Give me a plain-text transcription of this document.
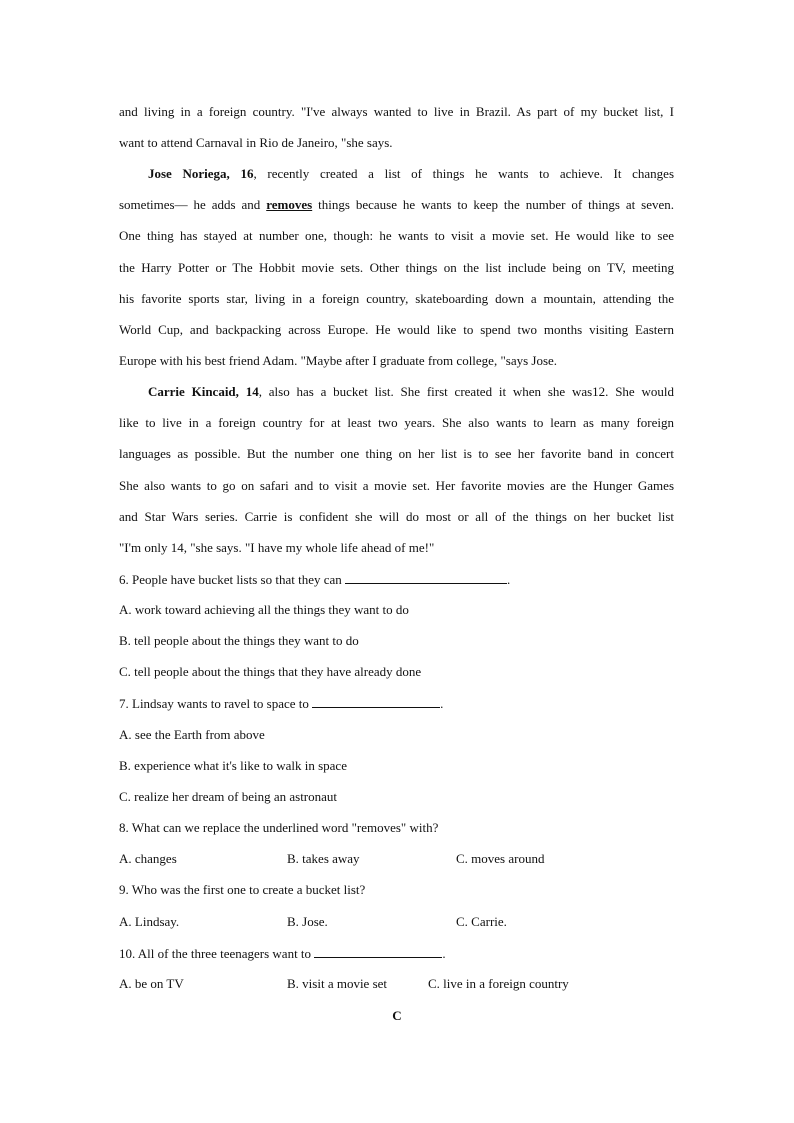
and living in a foreign country. "I've always wanted to live in Brazil. As part of my bucket list, I
want to attend Carnaval in Rio de Janeiro, "she says.
Jose Noriega, 16, recently created a list of things he wants to achieve. It changes
sometimes— he adds and removes things because he wants to keep the number of things at seven.
One thing has stayed at number one, though: he wants to visit a movie set. He would like to see
the Harry Potter or The Hobbit movie sets. Other things on the list include being on TV, meeting
his favorite sports star, living in a foreign country, skateboarding down a mountain, attending the
World Cup, and backpacking across Europe. He would like to spend two months visiting Eastern
Europe with his best friend Adam. "Maybe after I graduate from college, "says Jose.
Carrie Kincaid, 14, also has a bucket list. She first created it when she was12. She would
like to live in a foreign country for at least two years. She also wants to learn as many foreign
languages as possible. But the number one thing on her list is to see her favorite band in concert
She also wants to go on safari and to visit a movie set. Her favorite movies are the Hunger Games
and Star Wars series. Carrie is confident she will do most or all of the things on her bucket list
"I'm only 14, "she says. "I have my whole life ahead of me!"
6. People have bucket lists so that they can	.
A. work toward achieving all the things they want to do
B. tell people about the things they want to do
C. tell people about the things that they have already done
7. Lindsay wants to ravel to space to	.
A. see the Earth from above
B. experience what it's like to walk in space
C. realize her dream of being an astronaut
8. What can we replace the underlined word "removes" with?
A. changes	B. takes away	C. moves around
9. Who was the first one to create a bucket list?
A. Lindsay.	B. Jose.	C. Carrie.
10. All of the three teenagers want to	.
A. be on TV	B. visit a movie set	C. live in a foreign country
C
